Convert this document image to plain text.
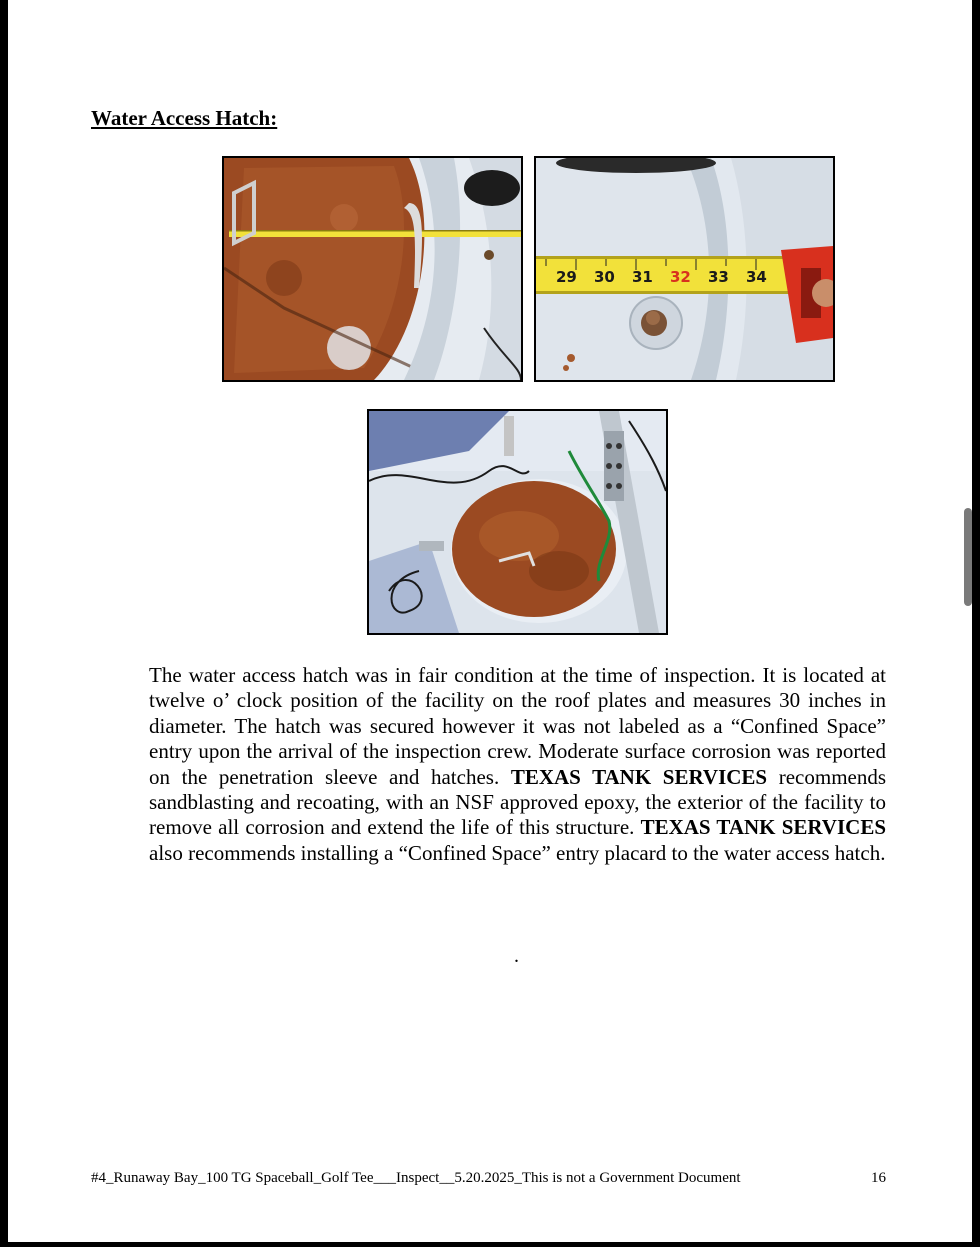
Water Access Hatch:
29 30 31 32 33 34
The water access hatch was in fair condition at the time of inspection. It is located at twelve o’ clock position of the facility on the roof plates and measures 30 inches in diameter. The hatch was secured however it was not labeled as a “Confined Space” entry upon the arrival of the inspection crew. Moderate surface corrosion was reported on the penetration sleeve and hatches. TEXAS TANK SERVICES recommends sandblasting and recoating, with an NSF approved epoxy, the exterior of the facility to remove all corrosion and extend the life of this structure. TEXAS TANK SERVICES also recommends installing a “Confined Space” entry placard to the water access hatch.
.
#4_Runaway Bay_100 TG Spaceball_Golf Tee___Inspect__5.20.2025_This is not a Government Document	16
